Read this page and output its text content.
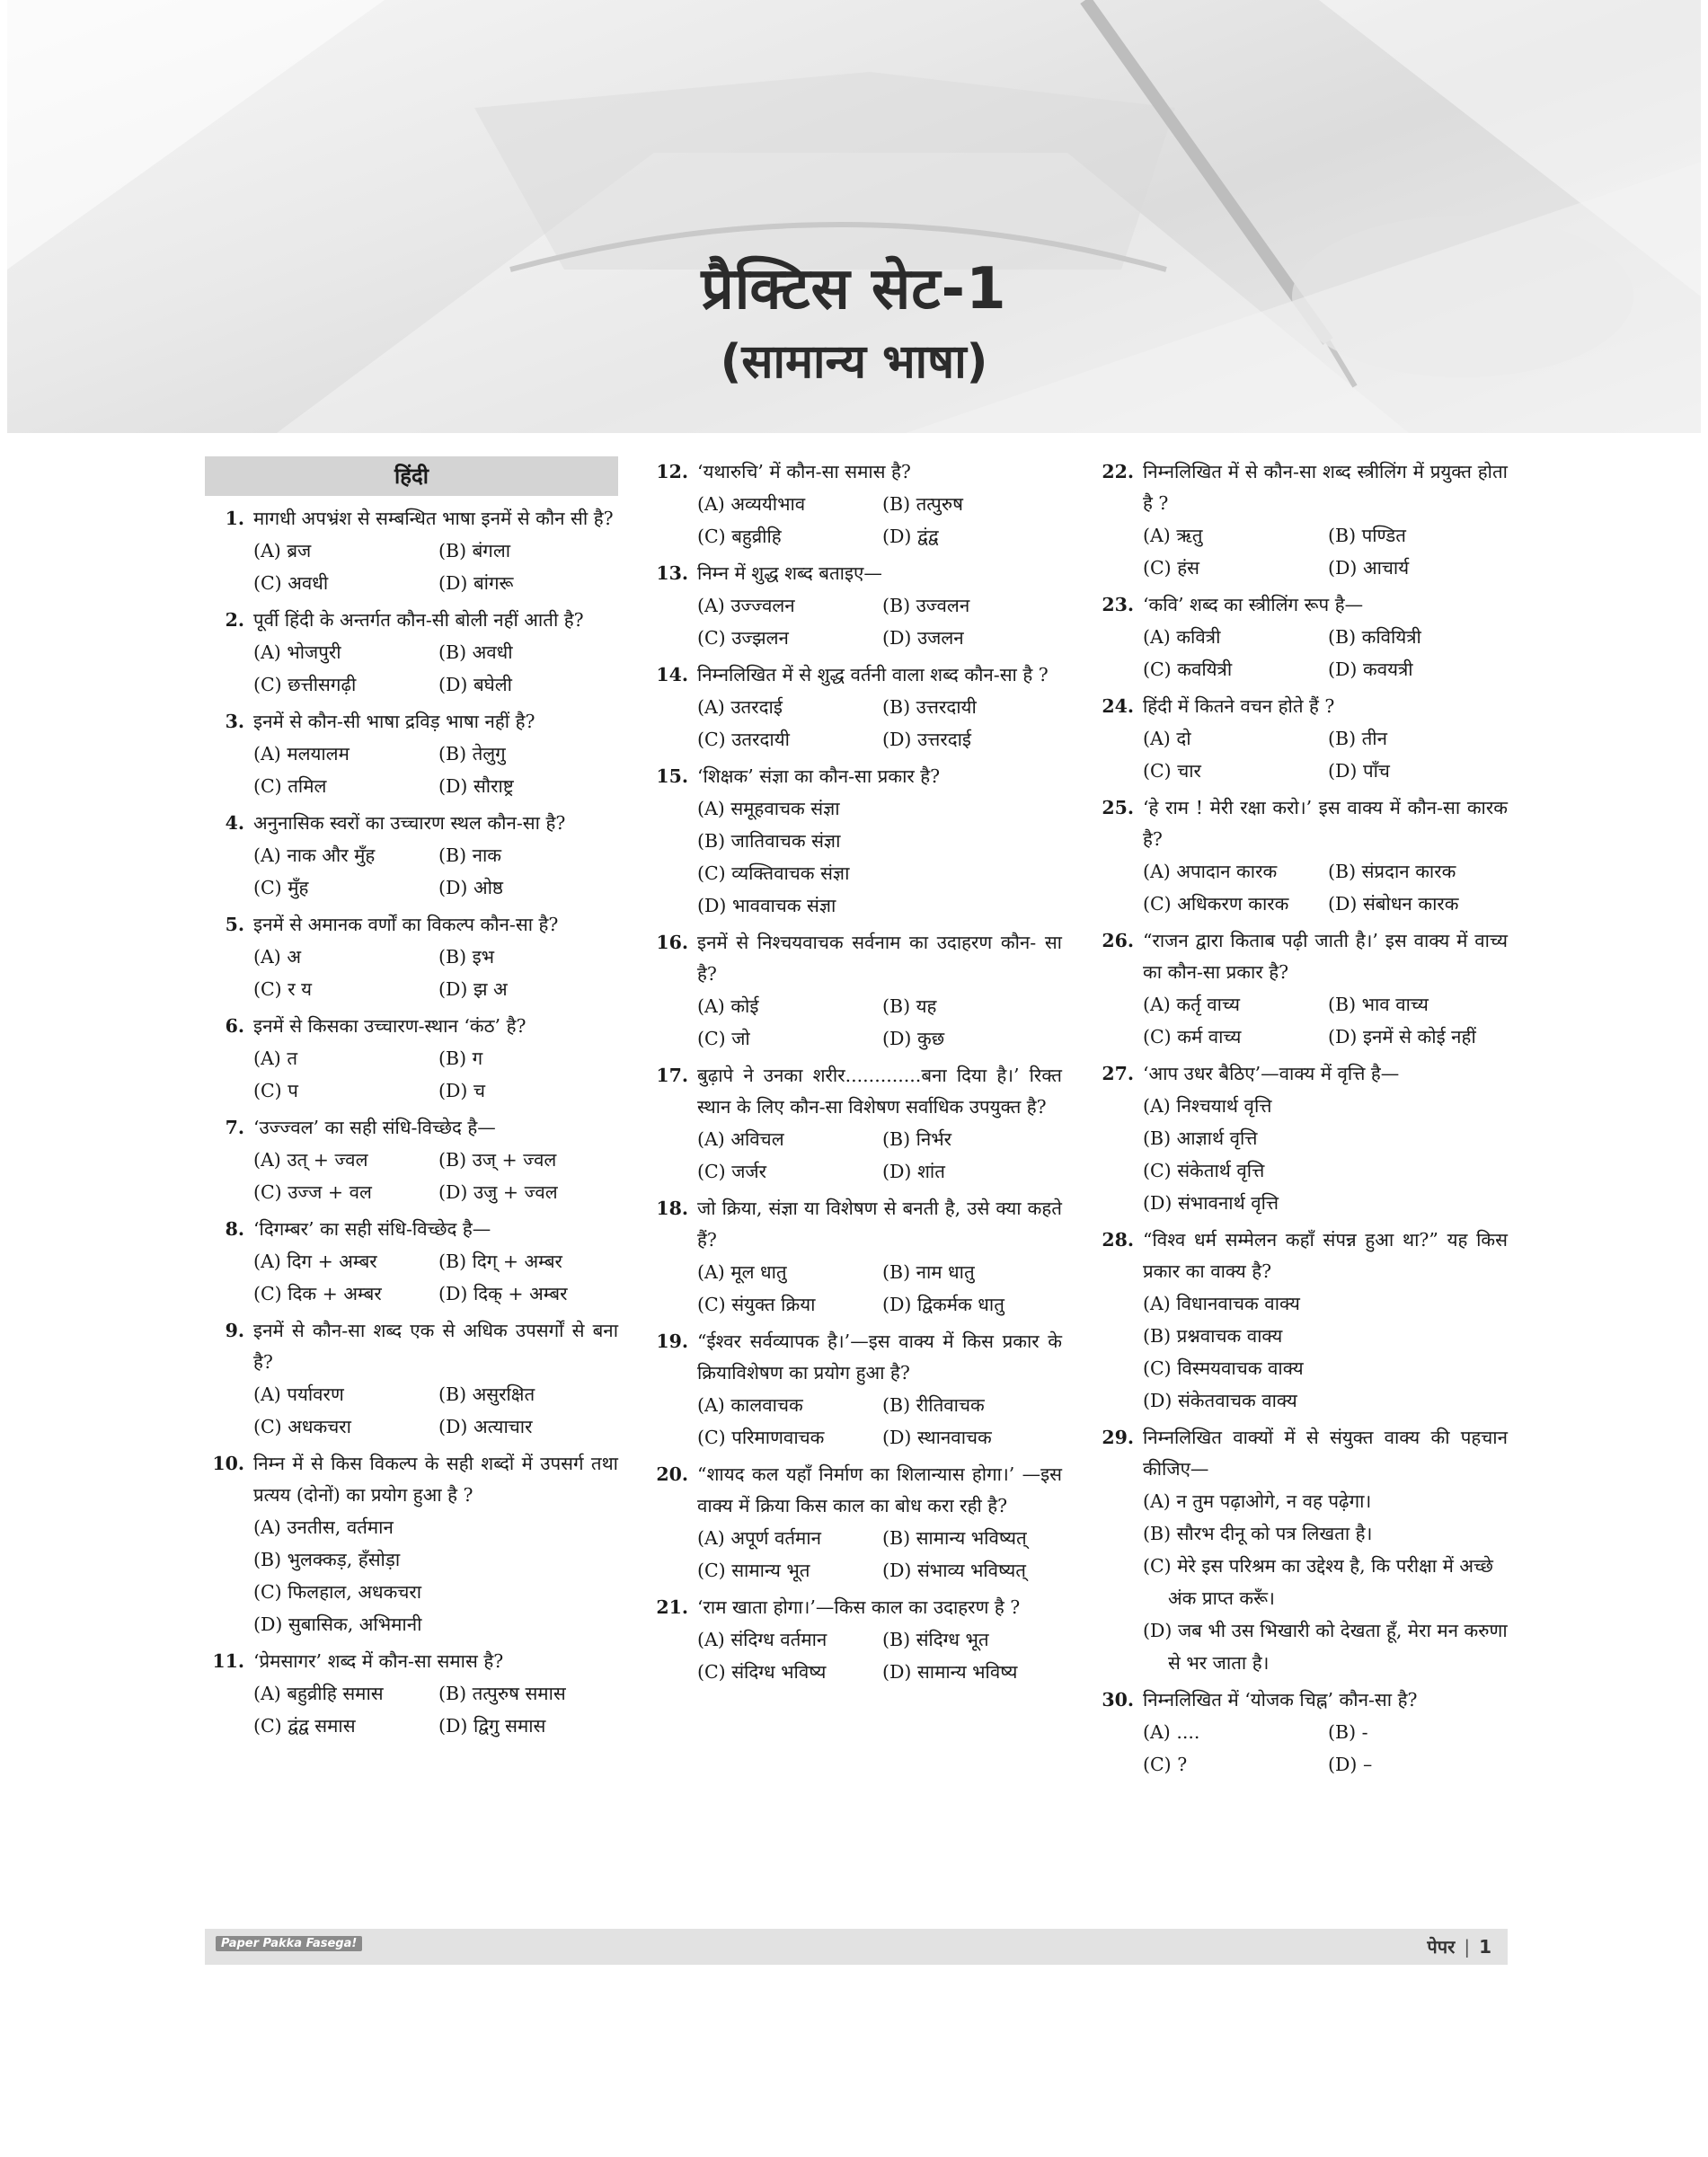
प्रैक्टिस सेट-1
(सामान्य भाषा)
हिंदी
1. मागधी अपभ्रंश से सम्बन्धित भाषा इनमें से कौन सी है?
(A) ब्रज	(B) बंगला
(C) अवधी	(D) बांगरू
2. पूर्वी हिंदी के अन्तर्गत कौन-सी बोली नहीं आती है?
(A) भोजपुरी	(B) अवधी
(C) छत्तीसगढ़ी	(D) बघेली
3. इनमें से कौन-सी भाषा द्रविड़ भाषा नहीं है?
(A) मलयालम	(B) तेलुगु
(C) तमिल	(D) सौराष्ट्र
4. अनुनासिक स्वरों का उच्चारण स्थल कौन-सा है?
(A) नाक और मुँह	(B) नाक
(C) मुँह	(D) ओष्ठ
5. इनमें से अमानक वर्णों का विकल्प कौन-सा है?
(A) अ	(B) इभ
(C) र य	(D) झ अ
6. इनमें से किसका उच्चारण-स्थान ‘कंठ’ है?
(A) त	(B) ग
(C) प	(D) च
7. ‘उज्ज्वल’ का सही संधि-विच्छेद है—
(A) उत् + ज्वल	(B) उज् + ज्वल
(C) उज्ज + वल	(D) उजु + ज्वल
8. ‘दिगम्बर’ का सही संधि-विच्छेद है—
(A) दिग + अम्बर	(B) दिग् + अम्बर
(C) दिक + अम्बर	(D) दिक् + अम्बर
9. इनमें से कौन-सा शब्द एक से अधिक उपसर्गों से बना है?
(A) पर्यावरण	(B) असुरक्षित
(C) अधकचरा	(D) अत्याचार
10. निम्न में से किस विकल्प के सही शब्दों में उपसर्ग तथा प्रत्यय (दोनों) का प्रयोग हुआ है ?
(A) उनतीस, वर्तमान
(B) भुलक्कड़, हँसोड़ा
(C) फिलहाल, अधकचरा
(D) सुबासिक, अभिमानी
11. ‘प्रेमसागर’ शब्द में कौन-सा समास है?
(A) बहुव्रीहि समास	(B) तत्पुरुष समास
(C) द्वंद्व समास	(D) द्विगु समास
12. ‘यथारुचि’ में कौन-सा समास है?
(A) अव्ययीभाव	(B) तत्पुरुष
(C) बहुव्रीहि	(D) द्वंद्व
13. निम्न में शुद्ध शब्द बताइए—
(A) उज्ज्वलन	(B) उज्वलन
(C) उज्झलन	(D) उजलन
14. निम्नलिखित में से शुद्ध वर्तनी वाला शब्द कौन-सा है ?
(A) उतरदाई	(B) उत्तरदायी
(C) उतरदायी	(D) उत्तरदाई
15. ‘शिक्षक’ संज्ञा का कौन-सा प्रकार है?
(A) समूहवाचक संज्ञा
(B) जातिवाचक संज्ञा
(C) व्यक्तिवाचक संज्ञा
(D) भाववाचक संज्ञा
16. इनमें से निश्चयवाचक सर्वनाम का उदाहरण कौन- सा है?
(A) कोई	(B) यह
(C) जो	(D) कुछ
17. बुढ़ापे ने उनका शरीर.............बना दिया है।’ रिक्त स्थान के लिए कौन-सा विशेषण सर्वाधिक उपयुक्त है?
(A) अविचल	(B) निर्भर
(C) जर्जर	(D) शांत
18. जो क्रिया, संज्ञा या विशेषण से बनती है, उसे क्या कहते हैं?
(A) मूल धातु	(B) नाम धातु
(C) संयुक्त क्रिया	(D) द्विकर्मक धातु
19. “ईश्वर सर्वव्यापक है।’—इस वाक्य में किस प्रकार के क्रियाविशेषण का प्रयोग हुआ है?
(A) कालवाचक	(B) रीतिवाचक
(C) परिमाणवाचक	(D) स्थानवाचक
20. “शायद कल यहाँ निर्माण का शिलान्यास होगा।’ —इस वाक्य में क्रिया किस काल का बोध करा रही है?
(A) अपूर्ण वर्तमान	(B) सामान्य भविष्यत्
(C) सामान्य भूत	(D) संभाव्य भविष्यत्
21. ‘राम खाता होगा।’—किस काल का उदाहरण है ?
(A) संदिग्ध वर्तमान	(B) संदिग्ध भूत
(C) संदिग्ध भविष्य	(D) सामान्य भविष्य
22. निम्नलिखित में से कौन-सा शब्द स्त्रीलिंग में प्रयुक्त होता है ?
(A) ऋतु	(B) पण्डित
(C) हंस	(D) आचार्य
23. ‘कवि’ शब्द का स्त्रीलिंग रूप है—
(A) कवित्री	(B) कवियित्री
(C) कवयित्री	(D) कवयत्री
24. हिंदी में कितने वचन होते हैं ?
(A) दो	(B) तीन
(C) चार	(D) पाँच
25. ‘हे राम ! मेरी रक्षा करो।’ इस वाक्य में कौन-सा कारक है?
(A) अपादान कारक	(B) संप्रदान कारक
(C) अधिकरण कारक	(D) संबोधन कारक
26. “राजन द्वारा किताब पढ़ी जाती है।’ इस वाक्य में वाच्य का कौन-सा प्रकार है?
(A) कर्तृ वाच्य	(B) भाव वाच्य
(C) कर्म वाच्य	(D) इनमें से कोई नहीं
27. ‘आप उधर बैठिए’—वाक्य में वृत्ति है—
(A) निश्चयार्थ वृत्ति
(B) आज्ञार्थ वृत्ति
(C) संकेतार्थ वृत्ति
(D) संभावनार्थ वृत्ति
28. “विश्व धर्म सम्मेलन कहाँ संपन्न हुआ था?” यह किस प्रकार का वाक्य है?
(A) विधानवाचक वाक्य
(B) प्रश्नवाचक वाक्य
(C) विस्मयवाचक वाक्य
(D) संकेतवाचक वाक्य
29. निम्नलिखित वाक्यों में से संयुक्त वाक्य की पहचान कीजिए—
(A) न तुम पढ़ाओगे, न वह पढ़ेगा।
(B) सौरभ दीनू को पत्र लिखता है।
(C) मेरे इस परिश्रम का उद्देश्य है, कि परीक्षा में अच्छे अंक प्राप्त करूँ।
(D) जब भी उस भिखारी को देखता हूँ, मेरा मन करुणा से भर जाता है।
30. निम्नलिखित में ‘योजक चिह्न’ कौन-सा है?
(A) ....	(B) -
(C) ?	(D) –
Paper Pakka Fasega!	पेपर | 1
